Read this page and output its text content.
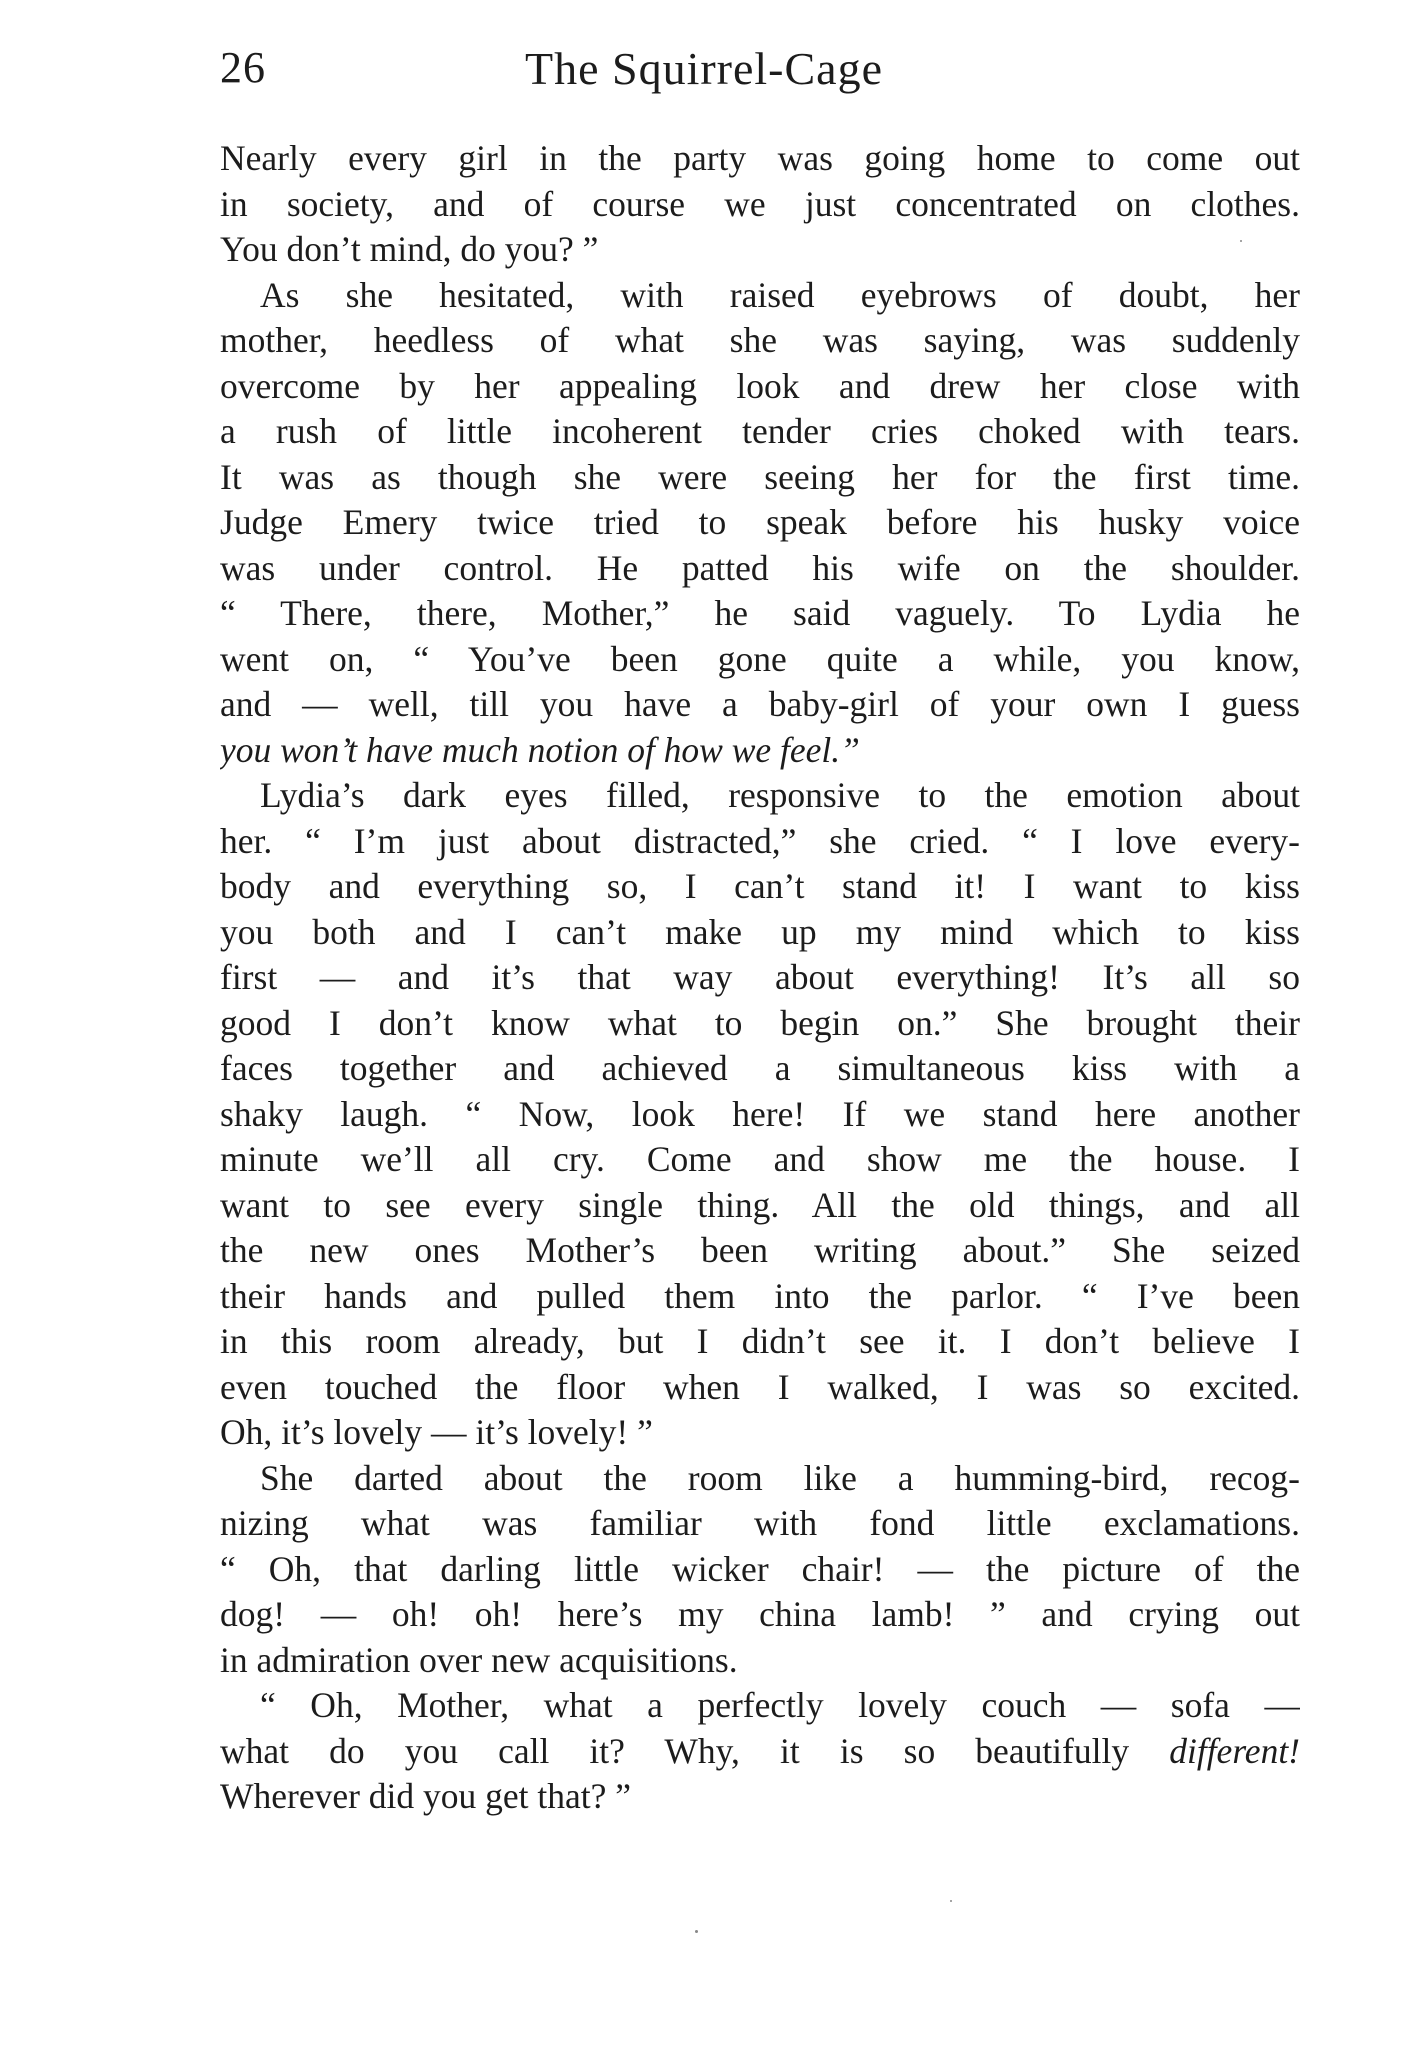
26	The Squirrel-Cage
Nearly every girl in the party was going home to come out
in society, and of course we just concentrated on clothes.
You don’t mind, do you? ”
As she hesitated, with raised eyebrows of doubt, her
mother, heedless of what she was saying, was suddenly
overcome by her appealing look and drew her close with
a rush of little incoherent tender cries choked with tears.
It was as though she were seeing her for the first time.
Judge Emery twice tried to speak before his husky voice
was under control. He patted his wife on the shoulder.
“ There, there, Mother,” he said vaguely. To Lydia he
went on, “ You’ve been gone quite a while, you know,
and — well, till you have a baby-girl of your own I guess
you won’t have much notion of how we feel.”
Lydia’s dark eyes filled, responsive to the emotion about
her. “ I’m just about distracted,” she cried. “ I love every-
body and everything so, I can’t stand it! I want to kiss
you both and I can’t make up my mind which to kiss
first — and it’s that way about everything! It’s all so
good I don’t know what to begin on.” She brought their
faces together and achieved a simultaneous kiss with a
shaky laugh. “ Now, look here! If we stand here another
minute we’ll all cry. Come and show me the house. I
want to see every single thing. All the old things, and all
the new ones Mother’s been writing about.” She seized
their hands and pulled them into the parlor. “ I’ve been
in this room already, but I didn’t see it. I don’t believe I
even touched the floor when I walked, I was so excited.
Oh, it’s lovely — it’s lovely! ”
She darted about the room like a humming-bird, recog-
nizing what was familiar with fond little exclamations.
“ Oh, that darling little wicker chair! — the picture of the
dog! — oh! oh! here’s my china lamb! ” and crying out
in admiration over new acquisitions.
“ Oh, Mother, what a perfectly lovely couch — sofa —
what do you call it? Why, it is so beautifully different!
Wherever did you get that? ”
